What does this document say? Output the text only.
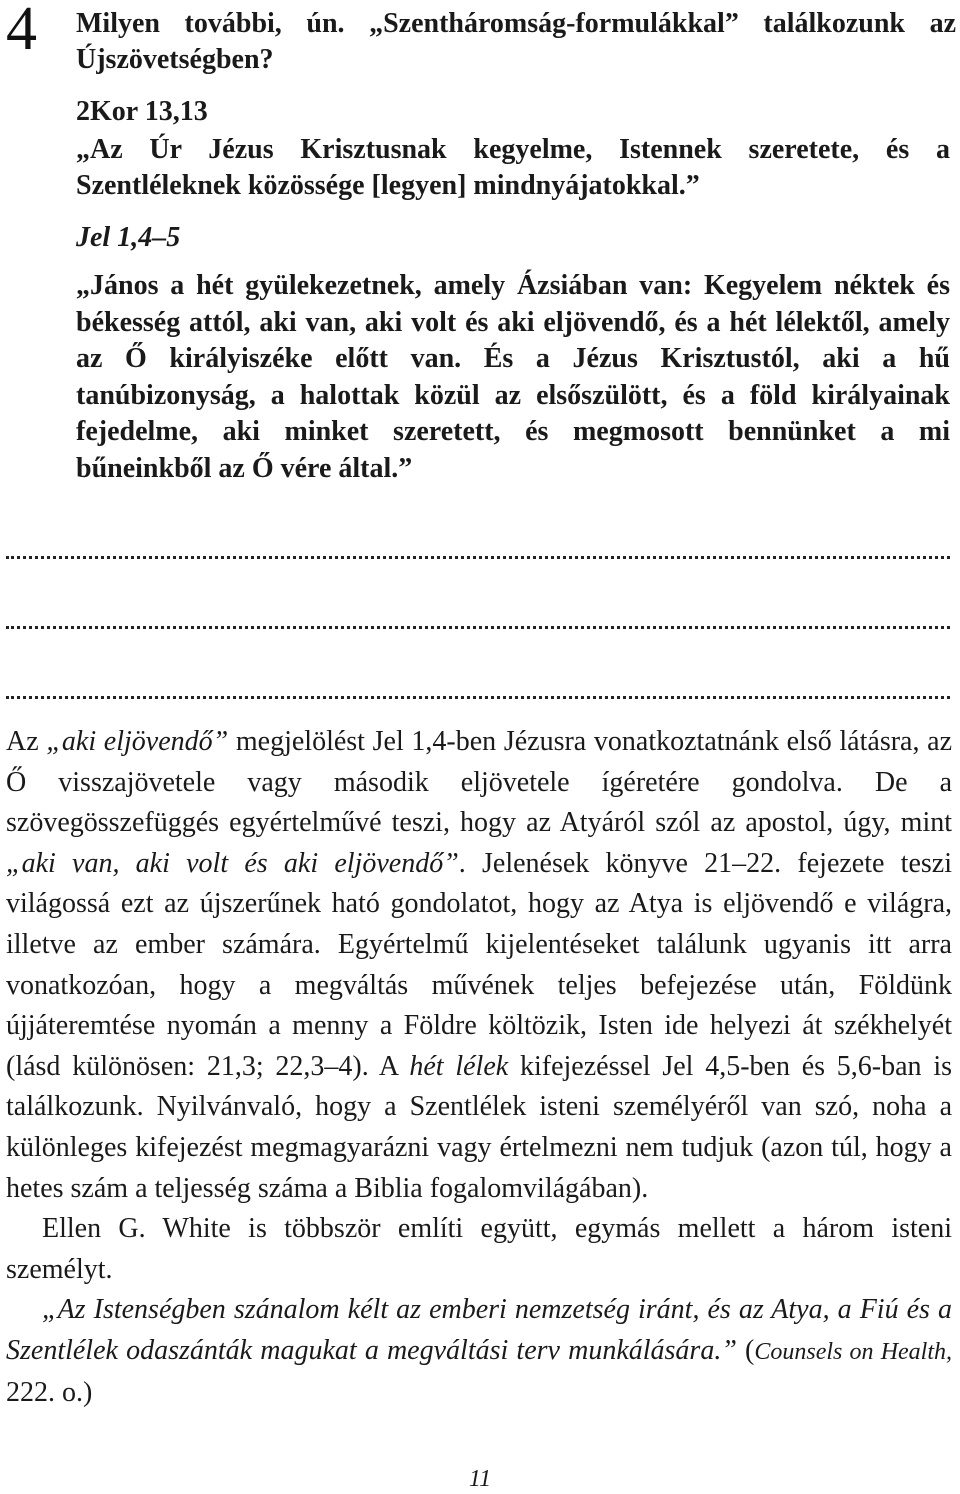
4 Milyen további, ún. „Szentháromság-formulákkal” találkozunk az Újszövetségben?
2Kor 13,13
„Az Úr Jézus Krisztusnak kegyelme, Istennek szeretete, és a Szentléleknek közössége [legyen] mindnyájatokkal.”
Jel 1,4–5
„János a hét gyülekezetnek, amely Ázsiában van: Kegyelem néktek és békesség attól, aki van, aki volt és aki eljövendő, és a hét lélektől, amely az Ő királyiszéke előtt van. És a Jézus Krisztustól, aki a hű tanúbizonyság, a halottak közül az elsőszülött, és a föld királyainak fejedelme, aki minket szeretett, és megmosott bennünket a mi bűneinkből az Ő vére által.”

Az „aki eljövendő” megjelölést Jel 1,4-ben Jézusra vonatkoztatnánk első látásra, az Ő visszajövetele vagy második eljövetele ígéretére gondolva. De a szövegösszefüggés egyértelművé teszi, hogy az Atyáról szól az apostol, úgy, mint „aki van, aki volt és aki eljövendő”. Jelenések könyve 21–22. fejezete teszi világossá ezt az újszerűnek ható gondolatot, hogy az Atya is eljövendő e világra, illetve az ember számára. Egyértelmű kijelentéseket találunk ugyanis itt arra vonatkozóan, hogy a megváltás művének teljes befejezése után, Földünk újjáteremtése nyomán a menny a Földre költözik, Isten ide helyezi át székhelyét (lásd különösen: 21,3; 22,3–4). A hét lélek kifejezéssel Jel 4,5-ben és 5,6-ban is találkozunk. Nyilvánvaló, hogy a Szentlélek isteni személyéről van szó, noha a különleges kifejezést megmagyarázni vagy értelmezni nem tudjuk (azon túl, hogy a hetes szám a teljesség száma a Biblia fogalomvilágában).

Ellen G. White is többször említi együtt, egymás mellett a három isteni személyt.

„Az Istenségben szánalom kélt az emberi nemzetség iránt, és az Atya, a Fiú és a Szentlélek odaszánták magukat a megváltási terv munkálására.” (Counsels on Health, 222. o.)

11
